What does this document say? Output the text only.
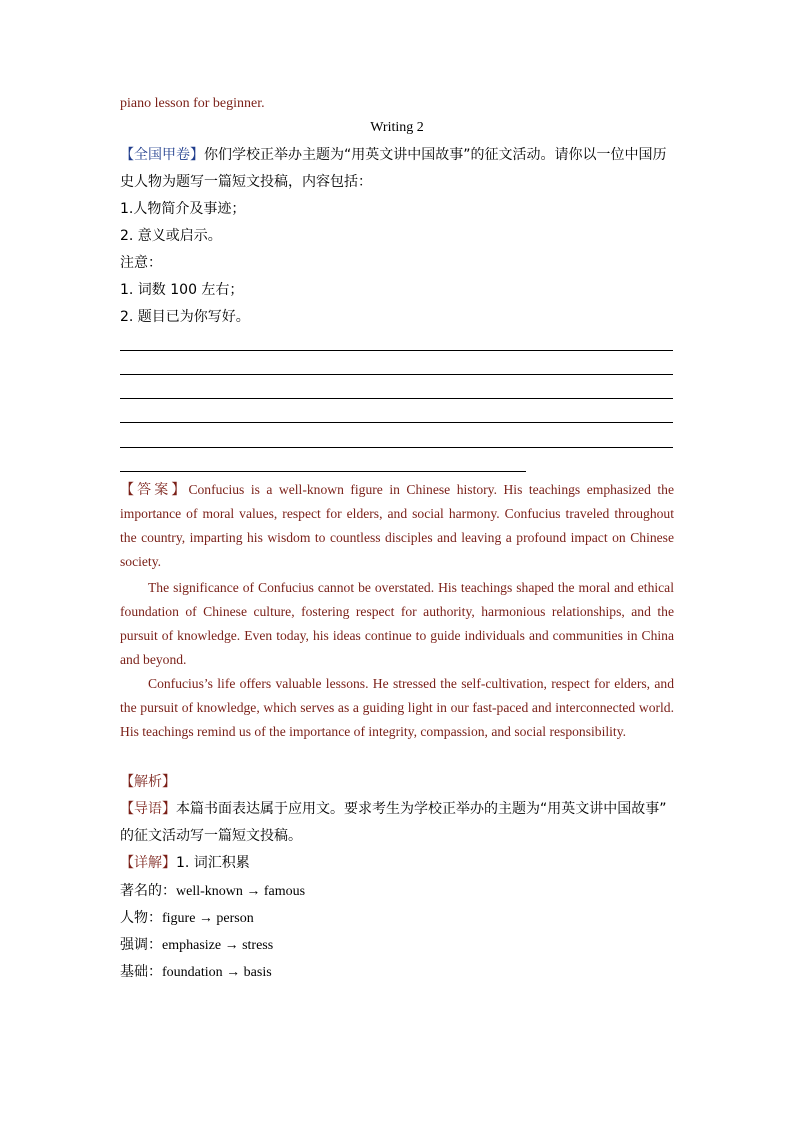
piano lesson for beginner.
Writing 2
【全国甲卷】你们学校正举办主题为“用英文讲中国故事”的征文活动。请你以一位中国历
史人物为题写一篇短文投稿，内容包括：
1.人物简介及事迹；
2. 意义或启示。
注意：
1. 词数 100 左右；
2. 题目已为你写好。
【答案】Confucius is a well-known figure in Chinese history. His teachings emphasized the importance of moral values, respect for elders, and social harmony. Confucius traveled throughout the country, imparting his wisdom to countless disciples and leaving a profound impact on Chinese society.
The significance of Confucius cannot be overstated. His teachings shaped the moral and ethical foundation of Chinese culture, fostering respect for authority, harmonious relationships, and the pursuit of knowledge. Even today, his ideas continue to guide individuals and communities in China and beyond.
Confucius’s life offers valuable lessons. He stressed the self-cultivation, respect for elders, and the pursuit of knowledge, which serves as a guiding light in our fast-paced and interconnected world. His teachings remind us of the importance of integrity, compassion, and social responsibility.
【解析】
【导语】本篇书面表达属于应用文。要求考生为学校正举办的主题为“用英文讲中国故事”
的征文活动写一篇短文投稿。
【详解】1. 词汇积累
著名的：well-known → famous
人物：figure → person
强调：emphasize → stress
基础：foundation → basis
